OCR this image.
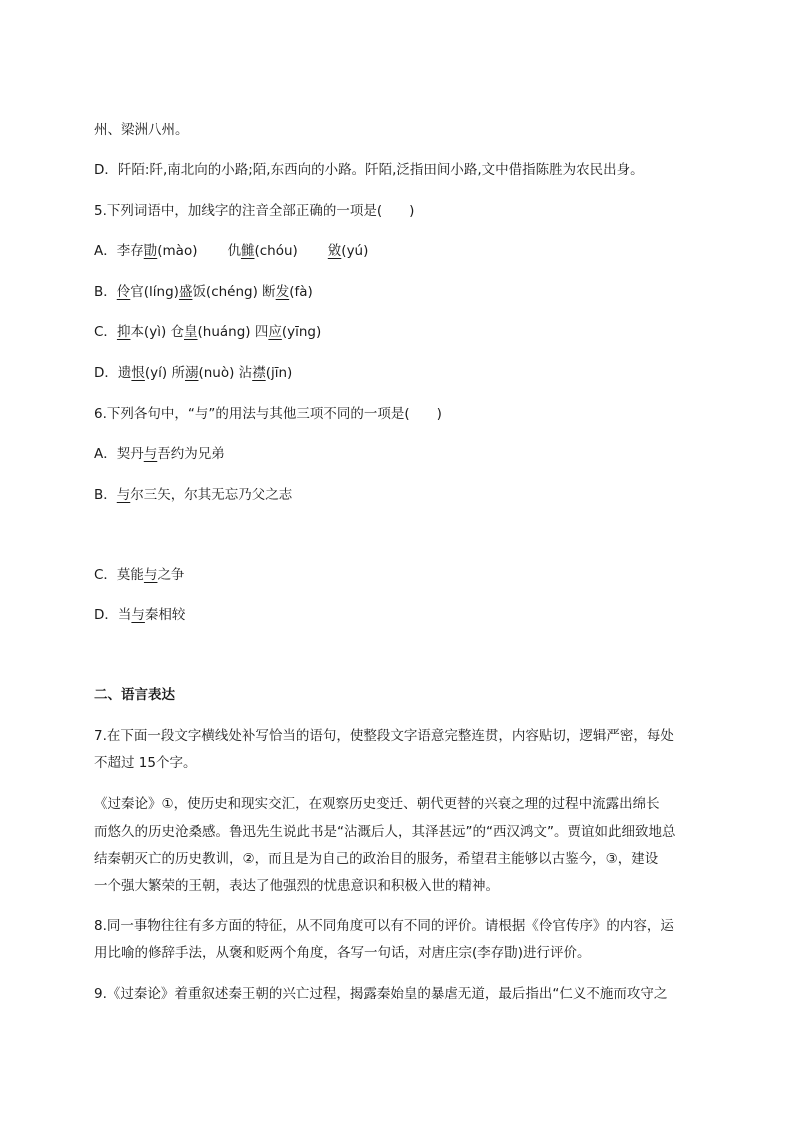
州、梁洲八州。
D．阡陌:阡,南北向的小路;陌,东西向的小路。阡陌,泛指田间小路,文中借指陈胜为农民出身。
5.下列词语中，加线字的注音全部正确的一项是(　　)
A．李存勖(mào) 仇雠(chóu) 敓(yú)
B．伶官(líng)盛饭(chéng) 断发(fà)
C．抑本(yì) 仓皇(huáng) 四应(yīng)
D．遗恨(yí) 所溺(nuò) 沾襟(jīn)
6.下列各句中，“与”的用法与其他三项不同的一项是(　　)
A．契丹与吾约为兄弟
B．与尔三矢，尔其无忘乃父之志
C．莫能与之争
D．当与秦相较
二、语言表达
7.在下面一段文字横线处补写恰当的语句，使整段文字语意完整连贯，内容贴切，逻辑严密，每处
不超过 15个字。
《过秦论》①，使历史和现实交汇，在观察历史变迁、朝代更替的兴衰之理的过程中流露出绵长
而悠久的历史沧桑感。鲁迅先生说此书是“沾溉后人，其泽甚远”的“西汉鸿文”。贾谊如此细致地总
结秦朝灭亡的历史教训，②，而且是为自己的政治目的服务，希望君主能够以古鉴今，③，建设
一个强大繁荣的王朝，表达了他强烈的忧患意识和积极入世的精神。
8.同一事物往往有多方面的特征，从不同角度可以有不同的评价。请根据《伶官传序》的内容，运
用比喻的修辞手法，从褒和贬两个角度，各写一句话，对唐庄宗(李存勖)进行评价。
9.《过秦论》着重叙述秦王朝的兴亡过程，揭露秦始皇的暴虐无道，最后指出“仁义不施而攻守之
